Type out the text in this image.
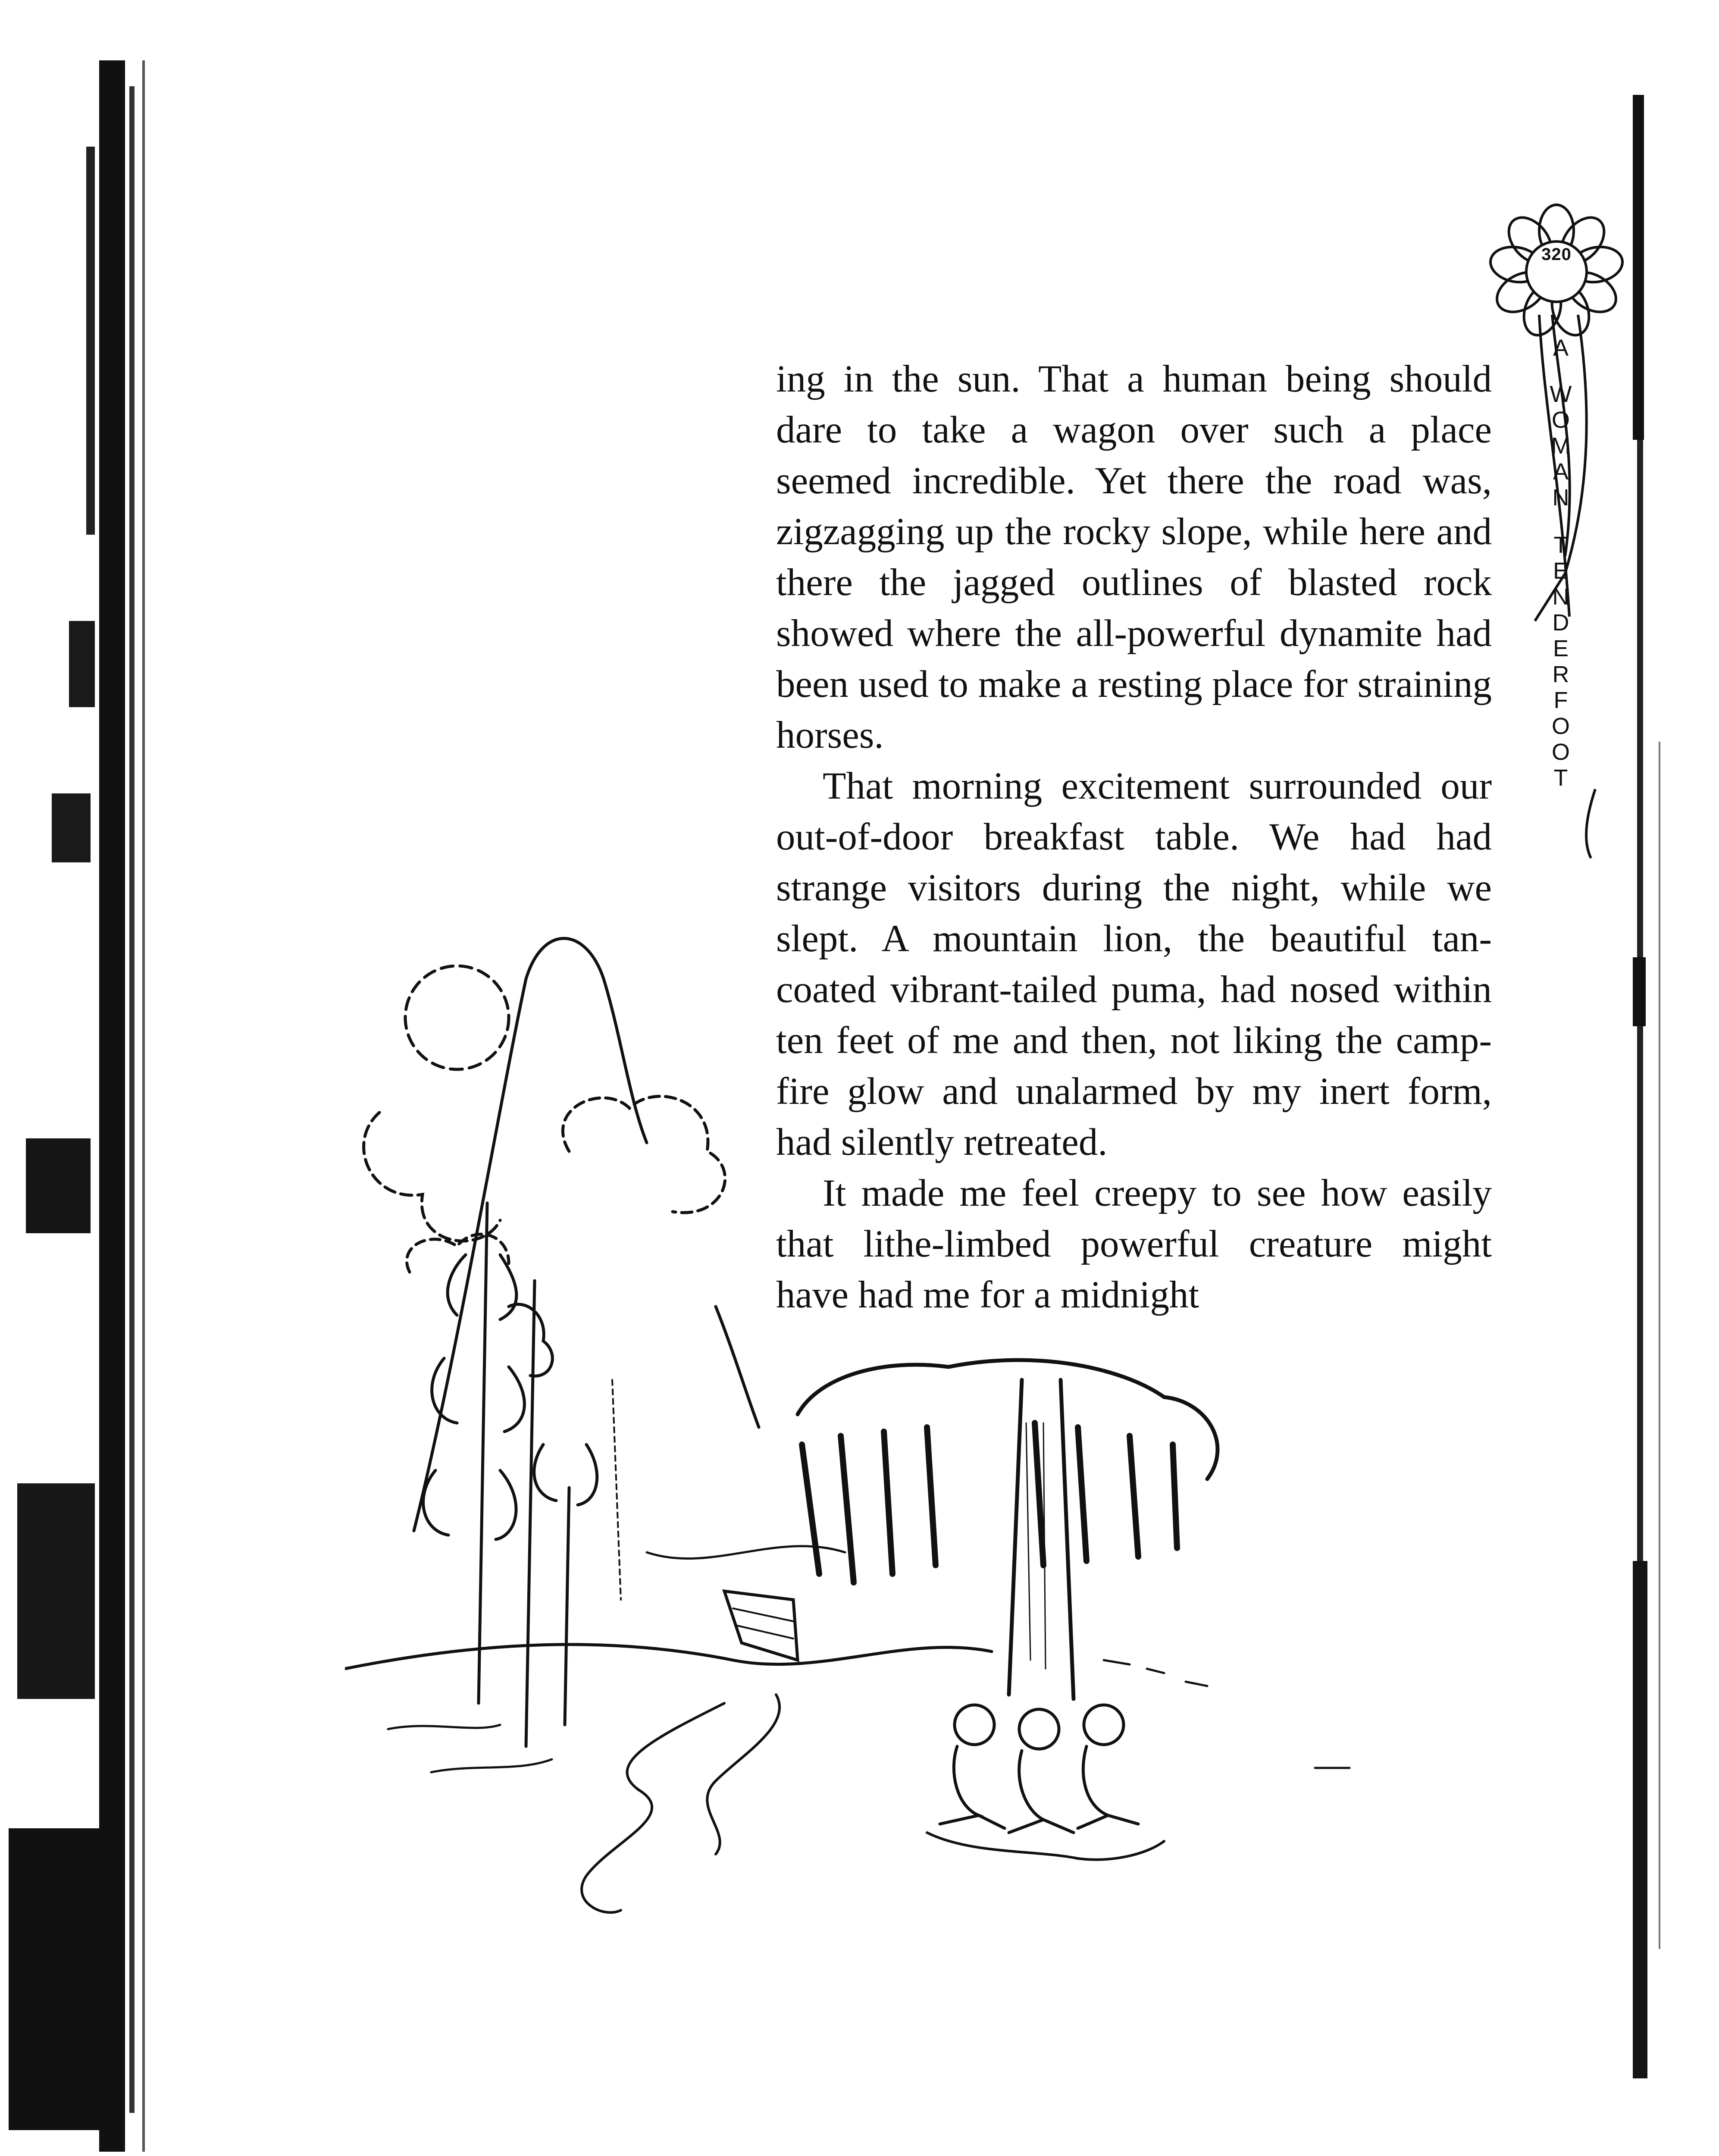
320
A
WOMAN
TENDERFOOT

ing in the sun. That a human being should dare to take a wagon over such a place seemed incredible. Yet there the road was, zigzagging up the rocky slope, while here and there the jagged outlines of blasted rock showed where the all-powerful dynamite had been used to make a resting place for straining horses.

That morning excitement surrounded our out-of-door breakfast table. We had had strange visitors during the night, while we slept. A mountain lion, the beautiful tan-coated vibrant-tailed puma, had nosed within ten feet of me and then, not liking the camp-fire glow and unalarmed by my inert form, had silently retreated.

It made me feel creepy to see how easily that lithe-limbed powerful creature might have had me for a midnight
